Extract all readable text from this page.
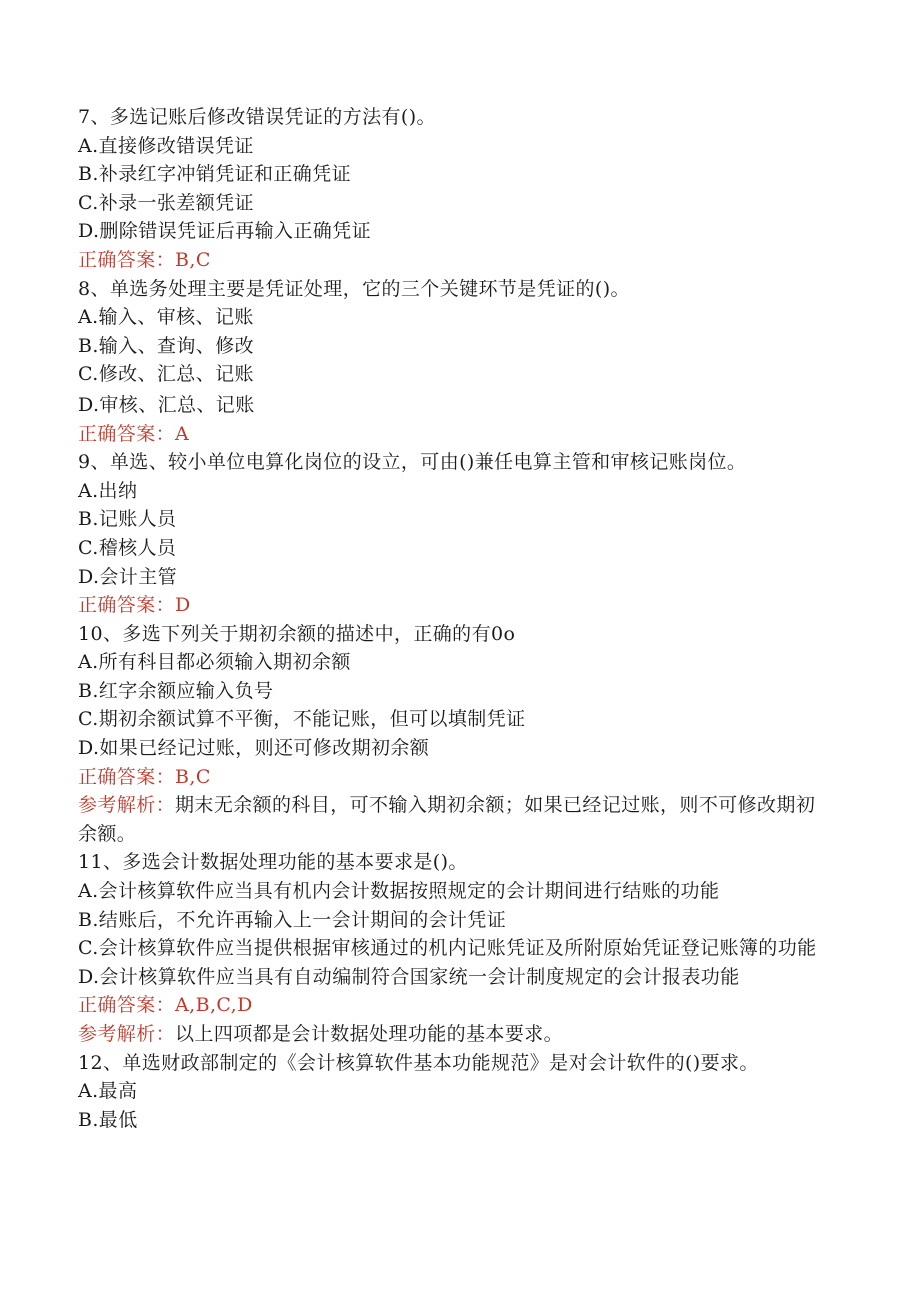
7、多选记账后修改错误凭证的方法有()。
A.直接修改错误凭证
B.补录红字冲销凭证和正确凭证
C.补录一张差额凭证
D.删除错误凭证后再输入正确凭证
正确答案：B,C
8、单选务处理主要是凭证处理，它的三个关键环节是凭证的()。
A.输入、审核、记账
B.输入、查询、修改
C.修改、汇总、记账
D.审核、汇总、记账
正确答案：A
9、单选、较小单位电算化岗位的设立，可由()兼任电算主管和审核记账岗位。
A.出纳
B.记账人员
C.稽核人员
D.会计主管
正确答案：D
10、多选下列关于期初余额的描述中，正确的有0o
A.所有科目都必须输入期初余额
B.红字余额应输入负号
C.期初余额试算不平衡，不能记账，但可以填制凭证
D.如果已经记过账，则还可修改期初余额
正确答案：B,C
参考解析：期末无余额的科目，可不输入期初余额；如果已经记过账，则不可修改期初余额。
11、多选会计数据处理功能的基本要求是()。
A.会计核算软件应当具有机内会计数据按照规定的会计期间进行结账的功能
B.结账后，不允许再输入上一会计期间的会计凭证
C.会计核算软件应当提供根据审核通过的机内记账凭证及所附原始凭证登记账簿的功能
D.会计核算软件应当具有自动编制符合国家统一会计制度规定的会计报表功能
正确答案：A,B,C,D
参考解析：以上四项都是会计数据处理功能的基本要求。
12、单选财政部制定的《会计核算软件基本功能规范》是对会计软件的()要求。
A.最高
B.最低
